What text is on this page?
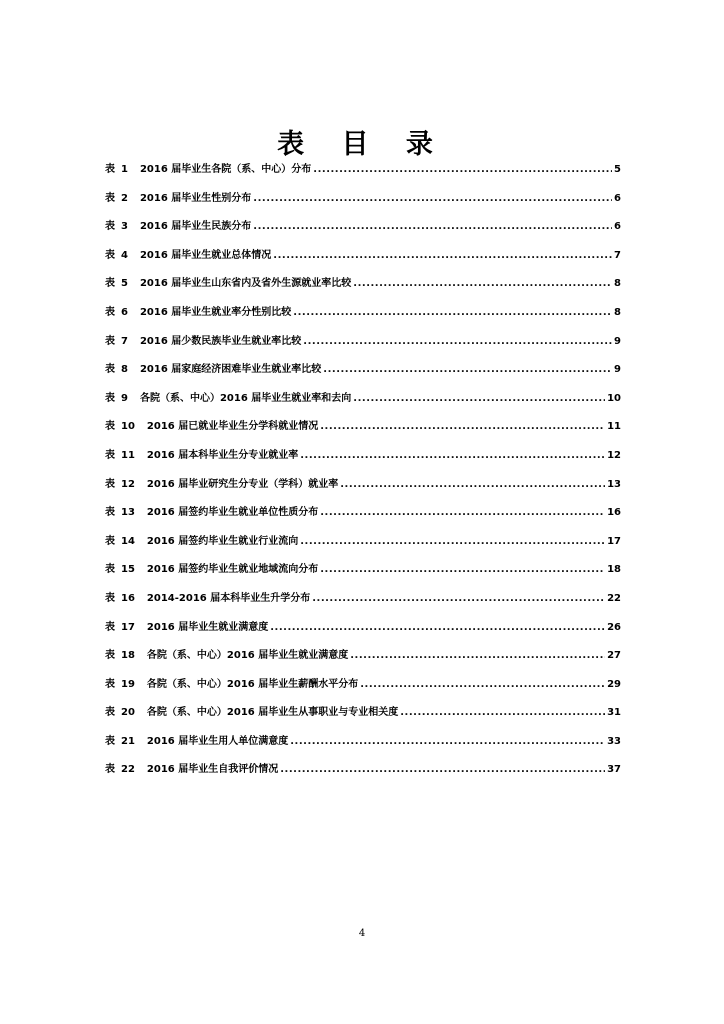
表 目 录
表 1 2016 届毕业生各院（系、中心）分布 .....	5
表 2 2016 届毕业生性别分布 .....	6
表 3 2016 届毕业生民族分布 .....	6
表 4 2016 届毕业生就业总体情况 .....	7
表 5 2016 届毕业生山东省内及省外生源就业率比较 .....	8
表 6 2016 届毕业生就业率分性别比较 .....	8
表 7 2016 届少数民族毕业生就业率比较 .....	9
表 8 2016 届家庭经济困难毕业生就业率比较 .....	9
表 9 各院（系、中心）2016 届毕业生就业率和去向 .....	10
表 10 2016 届已就业毕业生分学科就业情况 .....	11
表 11 2016 届本科毕业生分专业就业率 .....	12
表 12 2016 届毕业研究生分专业（学科）就业率 .....	13
表 13 2016 届签约毕业生就业单位性质分布 .....	16
表 14 2016 届签约毕业生就业行业流向 .....	17
表 15 2016 届签约毕业生就业地域流向分布 .....	18
表 16 2014-2016 届本科毕业生升学分布 .....	22
表 17 2016 届毕业生就业满意度 .....	26
表 18 各院（系、中心）2016 届毕业生就业满意度 .....	27
表 19 各院（系、中心）2016 届毕业生薪酬水平分布 .....	29
表 20 各院（系、中心）2016 届毕业生从事职业与专业相关度 .....	31
表 21 2016 届毕业生用人单位满意度 .....	33
表 22 2016 届毕业生自我评价情况 .....	37
4
